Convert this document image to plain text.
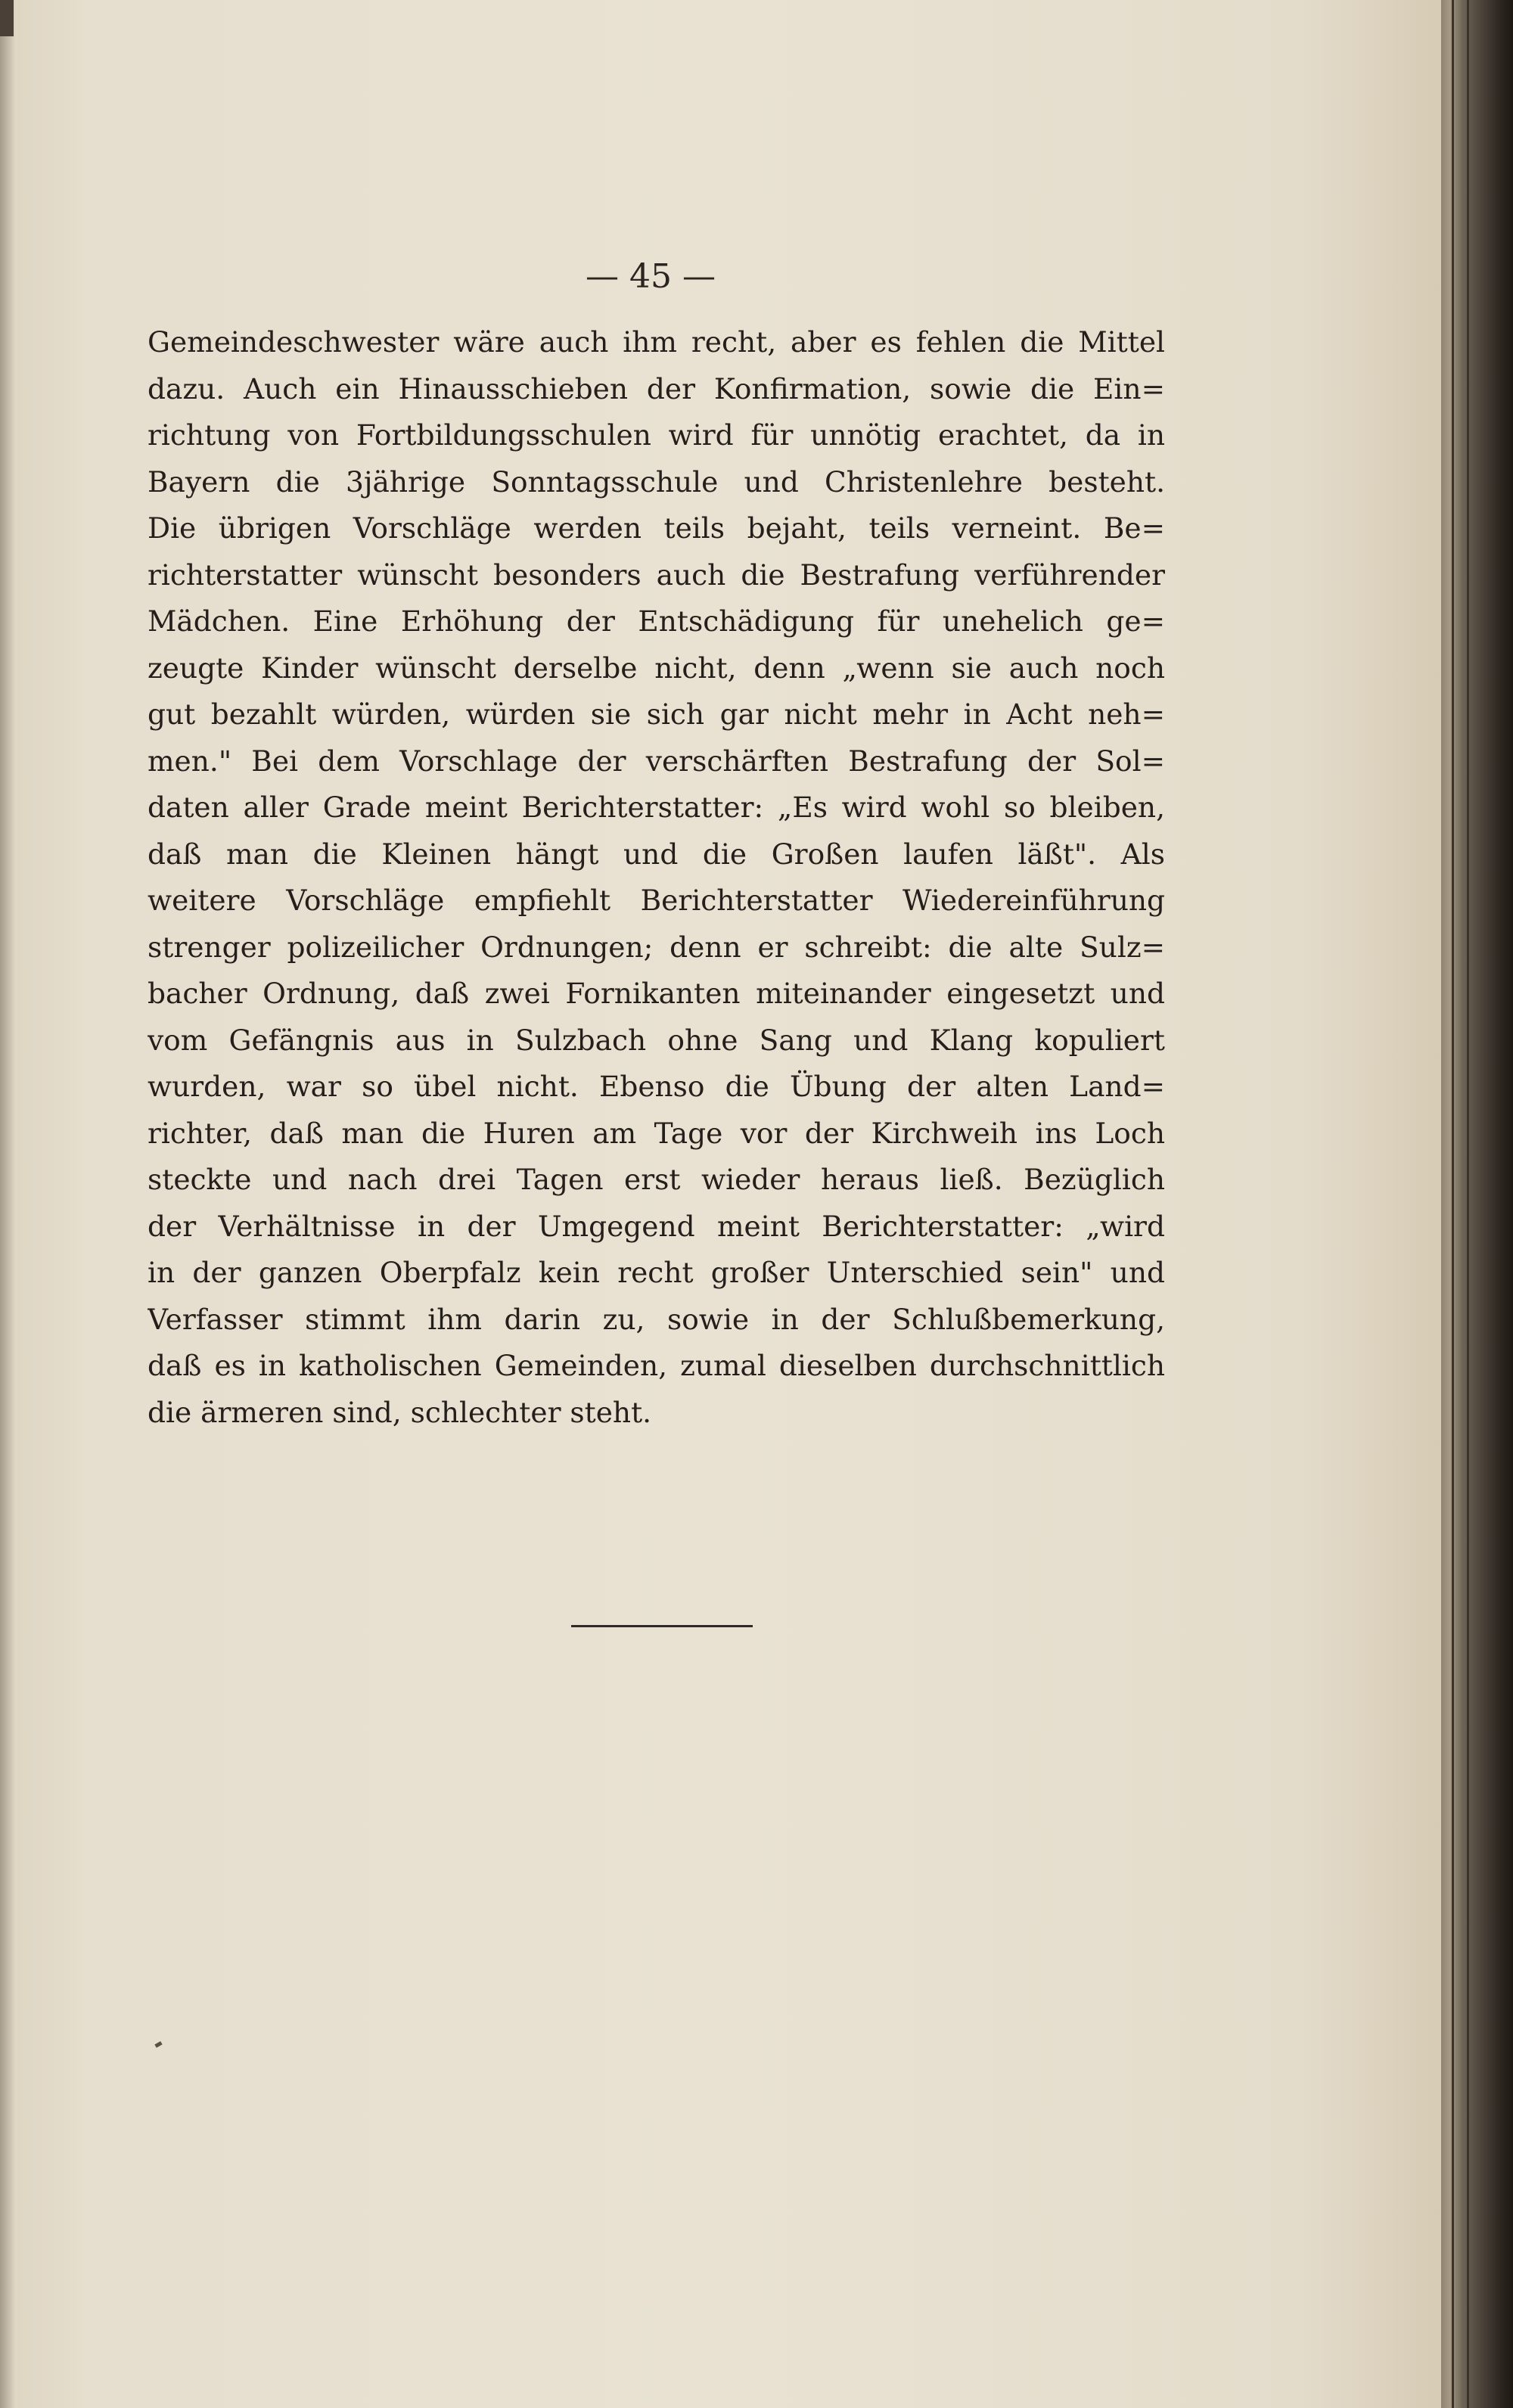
— 45 —
Gemeindeschwester wäre auch ihm recht, aber es fehlen die Mittel
dazu. Auch ein Hinausschieben der Konfirmation, sowie die Ein=
richtung von Fortbildungsschulen wird für unnötig erachtet, da in
Bayern die 3jährige Sonntagsschule und Christenlehre besteht.
Die übrigen Vorschläge werden teils bejaht, teils verneint. Be=
richterstatter wünscht besonders auch die Bestrafung verführender
Mädchen. Eine Erhöhung der Entschädigung für unehelich ge=
zeugte Kinder wünscht derselbe nicht, denn „wenn sie auch noch
gut bezahlt würden, würden sie sich gar nicht mehr in Acht neh=
men." Bei dem Vorschlage der verschärften Bestrafung der Sol=
daten aller Grade meint Berichterstatter: „Es wird wohl so bleiben,
daß man die Kleinen hängt und die Großen laufen läßt". Als
weitere Vorschläge empfiehlt Berichterstatter Wiedereinführung
strenger polizeilicher Ordnungen; denn er schreibt: die alte Sulz=
bacher Ordnung, daß zwei Fornikanten miteinander eingesetzt und
vom Gefängnis aus in Sulzbach ohne Sang und Klang kopuliert
wurden, war so übel nicht. Ebenso die Übung der alten Land=
richter, daß man die Huren am Tage vor der Kirchweih ins Loch
steckte und nach drei Tagen erst wieder heraus ließ. Bezüglich
der Verhältnisse in der Umgegend meint Berichterstatter: „wird
in der ganzen Oberpfalz kein recht großer Unterschied sein" und
Verfasser stimmt ihm darin zu, sowie in der Schlußbemerkung,
daß es in katholischen Gemeinden, zumal dieselben durchschnittlich
die ärmeren sind, schlechter steht.
